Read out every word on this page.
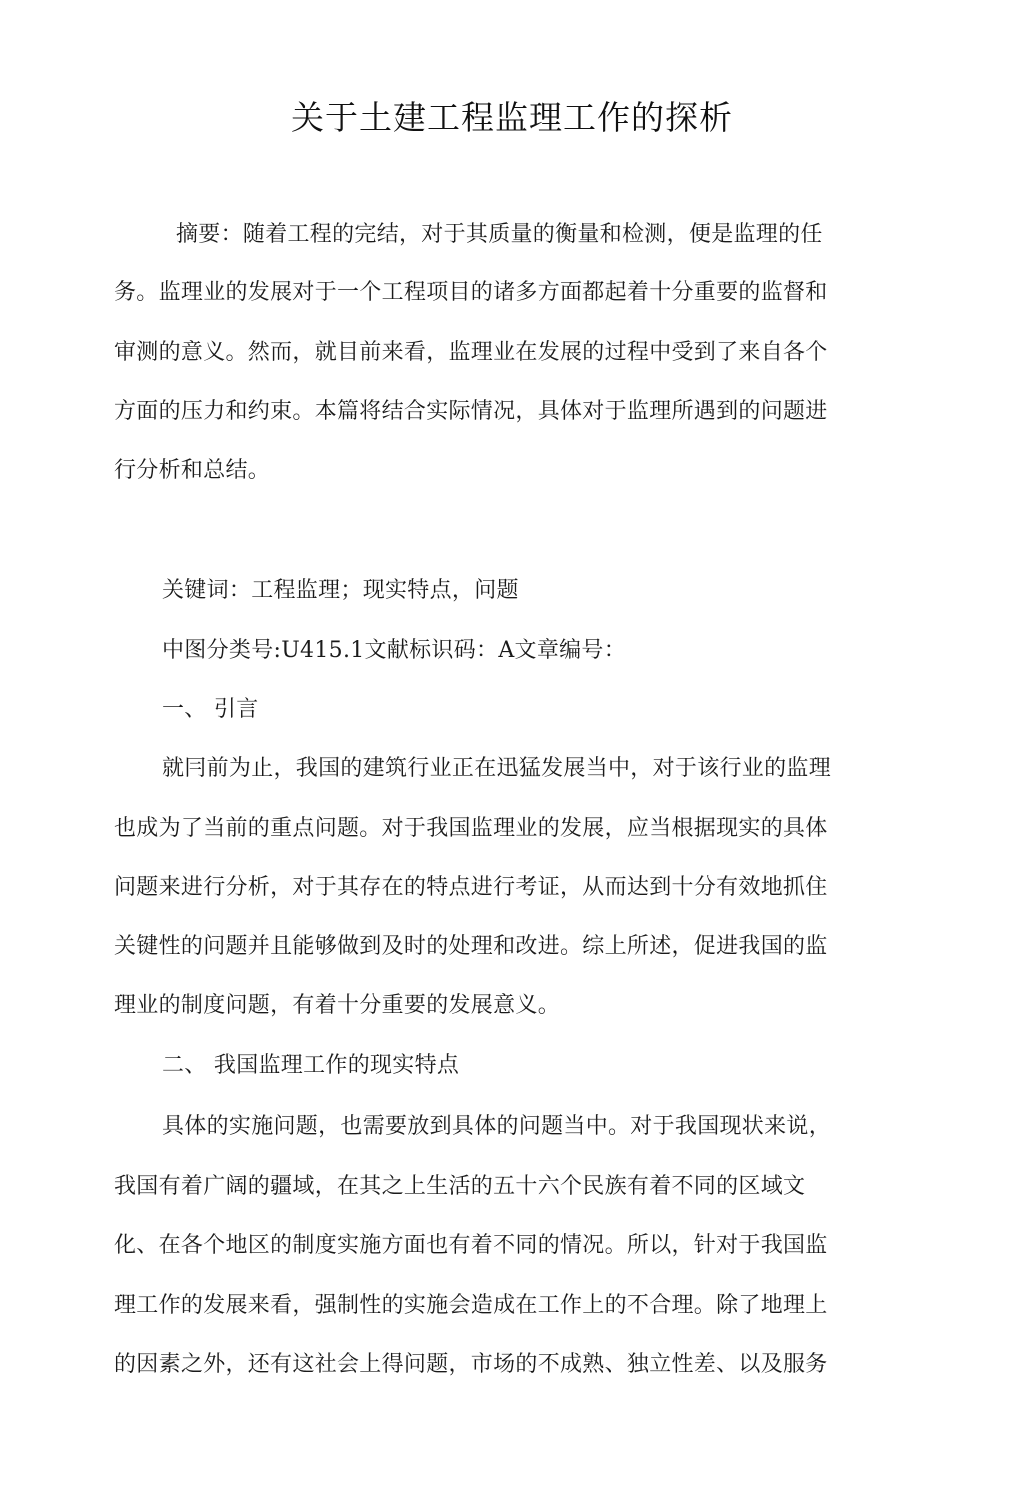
关于土建工程监理工作的探析

摘要：随着工程的完结，对于其质量的衡量和检测，便是监理的任

务。监理业的发展对于一个工程项目的诸多方面都起着十分重要的监督和

审测的意义。然而，就目前来看，监理业在发展的过程中受到了来自各个

方面的压力和约束。本篇将结合实际情况，具体对于监理所遇到的问题进

行分析和总结。

关键词：工程监理；现实特点，问题

中图分类号:U415.1文献标识码：A文章编号：

一、 引言

就冃前为止，我国的建筑行业正在迅猛发展当中，对于该行业的监理

也成为了当前的重点问题。对于我国监理业的发展，应当根据现实的具体

问题来进行分析，对于其存在的特点进行考证，从而达到十分有效地抓住

关键性的问题并且能够做到及时的处理和改进。综上所述，促进我国的监

理业的制度问题，有着十分重要的发展意义。

二、 我国监理工作的现实特点

具体的实施问题，也需要放到具体的问题当中。对于我国现状来说，

我国有着广阔的疆域，在其之上生活的五十六个民族有着不同的区域文

化、在各个地区的制度实施方面也有着不同的情况。所以，针对于我国监

理工作的发展来看，强制性的实施会造成在工作上的不合理。除了地理上

的因素之外，还有这社会上得问题，市场的不成熟、独立性差、以及服务
